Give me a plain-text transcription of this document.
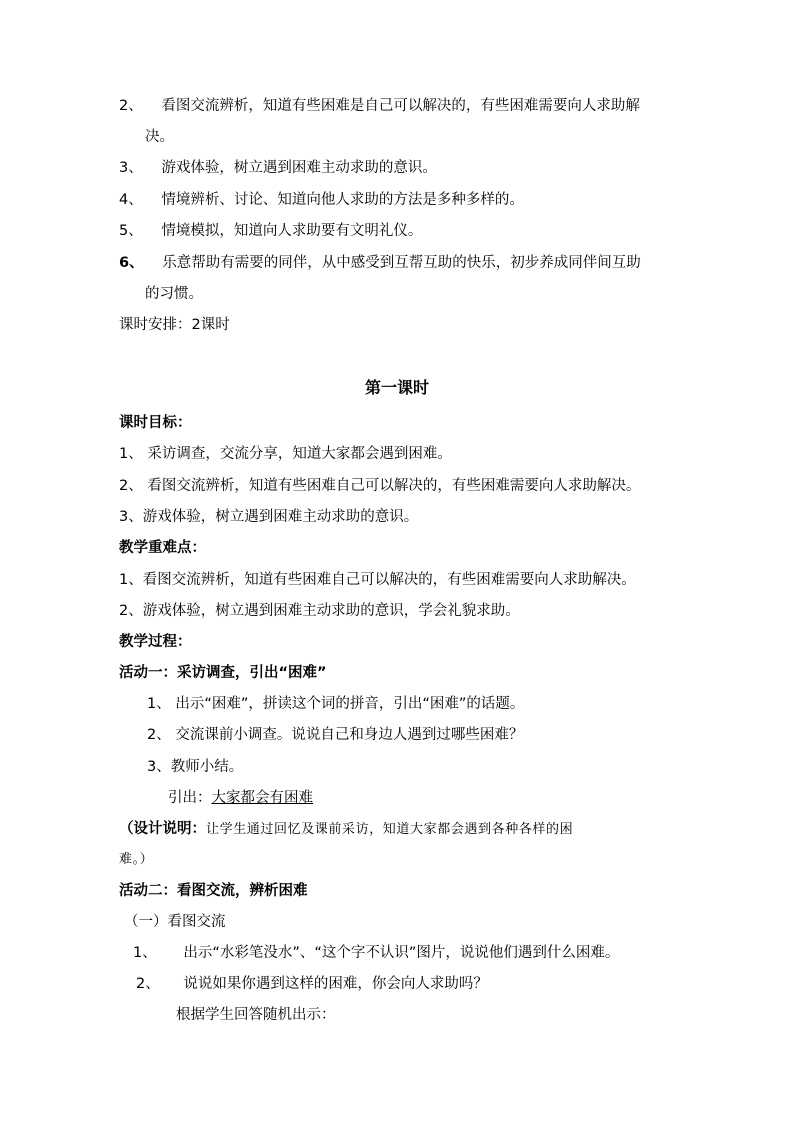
2、 看图交流辨析，知道有些困难是自己可以解决的，有些困难需要向人求助解
决。
3、 游戏体验，树立遇到困难主动求助的意识。
4、 情境辨析、讨论、知道向他人求助的方法是多种多样的。
5、 情境模拟，知道向人求助要有文明礼仪。
6、 乐意帮助有需要的同伴，从中感受到互帮互助的快乐，初步养成同伴间互助
的习惯。
课时安排：2课时
第一课时
课时目标：
1、 采访调查，交流分享，知道大家都会遇到困难。
2、 看图交流辨析，知道有些困难自己可以解决的，有些困难需要向人求助解决。
3、游戏体验，树立遇到困难主动求助的意识。
教学重难点：
1、看图交流辨析，知道有些困难自己可以解决的，有些困难需要向人求助解决。
2、游戏体验，树立遇到困难主动求助的意识，学会礼貌求助。
教学过程：
活动一：采访调查，引出“困难”
1、 出示“困难”，拼读这个词的拼音，引出“困难”的话题。
2、 交流课前小调查。说说自己和身边人遇到过哪些困难？
3、教师小结。
引出：大家都会有困难
（设计说明：让学生通过回忆及课前采访，知道大家都会遇到各种各样的困
难。）
活动二：看图交流，辨析困难
（一）看图交流
1、 出示“水彩笔没水”、“这个字不认识”图片，说说他们遇到什么困难。
2、 说说如果你遇到这样的困难，你会向人求助吗？
根据学生回答随机出示：
